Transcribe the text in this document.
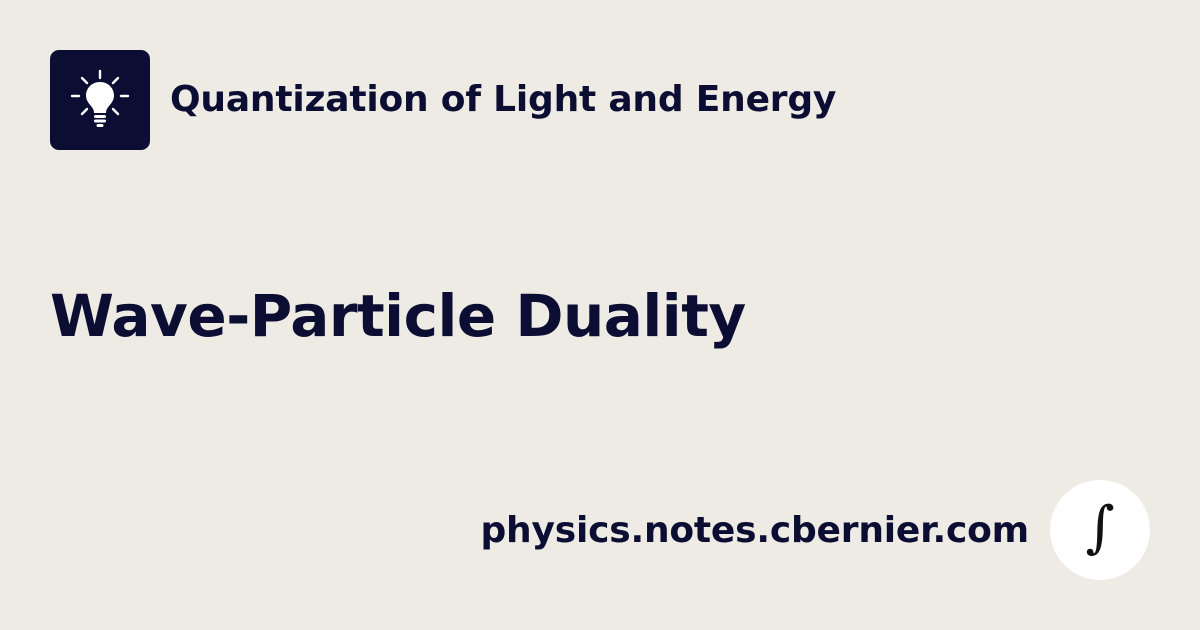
Quantization of Light and Energy
Wave-Particle Duality
physics.notes.cbernier.com ∫
